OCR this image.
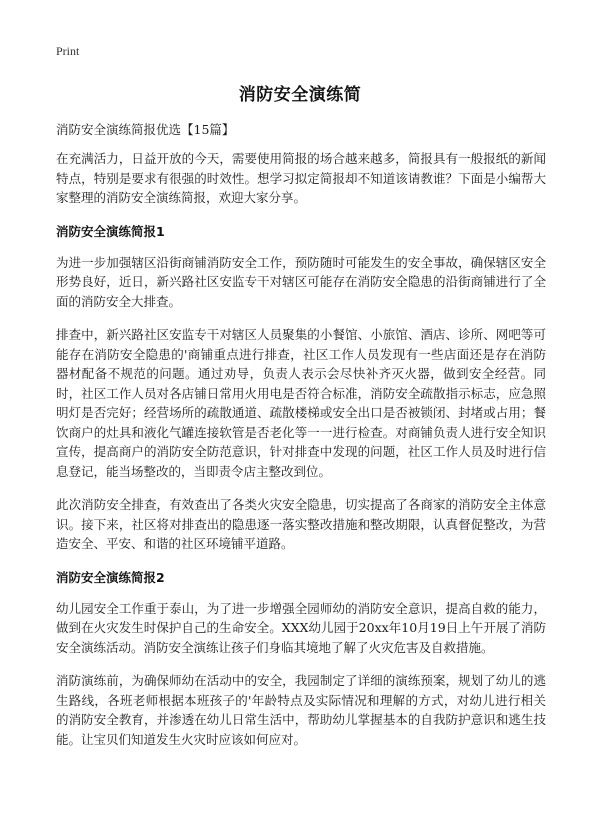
Print
消防安全演练简

消防安全演练简报优选【15篇】

在充满活力，日益开放的今天，需要使用简报的场合越来越多，简报具有一般报纸的新闻特点，特别是要求有很强的时效性。想学习拟定简报却不知道该请教谁？下面是小编帮大家整理的消防安全演练简报，欢迎大家分享。

消防安全演练简报1

为进一步加强辖区沿街商铺消防安全工作，预防随时可能发生的安全事故，确保辖区安全形势良好，近日，新兴路社区安监专干对辖区可能存在消防安全隐患的沿街商铺进行了全面的消防安全大排查。

排查中，新兴路社区安监专干对辖区人员聚集的小餐馆、小旅馆、酒店、诊所、网吧等可能存在消防安全隐患的'商铺重点进行排查，社区工作人员发现有一些店面还是存在消防器材配备不规范的问题。通过劝导，负责人表示会尽快补齐灭火器，做到安全经营。同时，社区工作人员对各店铺日常用火用电是否符合标准，消防安全疏散指示标志，应急照明灯是否完好；经营场所的疏散通道、疏散楼梯或安全出口是否被锁闭、封堵或占用；餐饮商户的灶具和液化气罐连接软管是否老化等一一进行检查。对商铺负责人进行安全知识宣传，提高商户的消防安全防范意识，针对排查中发现的问题，社区工作人员及时进行信息登记，能当场整改的，当即责令店主整改到位。

此次消防安全排查，有效查出了各类火灾安全隐患，切实提高了各商家的消防安全主体意识。接下来，社区将对排查出的隐患逐一落实整改措施和整改期限，认真督促整改，为营造安全、平安、和谐的社区环境铺平道路。

消防安全演练简报2

幼儿园安全工作重于泰山，为了进一步增强全园师幼的消防安全意识，提高自救的能力，做到在火灾发生时保护自己的生命安全。XXX幼儿园于20xx年10月19日上午开展了消防安全演练活动。消防安全演练让孩子们身临其境地了解了火灾危害及自救措施。

消防演练前，为确保师幼在活动中的安全，我园制定了详细的演练预案，规划了幼儿的逃生路线，各班老师根据本班孩子的'年龄特点及实际情况和理解的方式，对幼儿进行相关的消防安全教育，并渗透在幼儿日常生活中，帮助幼儿掌握基本的自我防护意识和逃生技能。让宝贝们知道发生火灾时应该如何应对。
